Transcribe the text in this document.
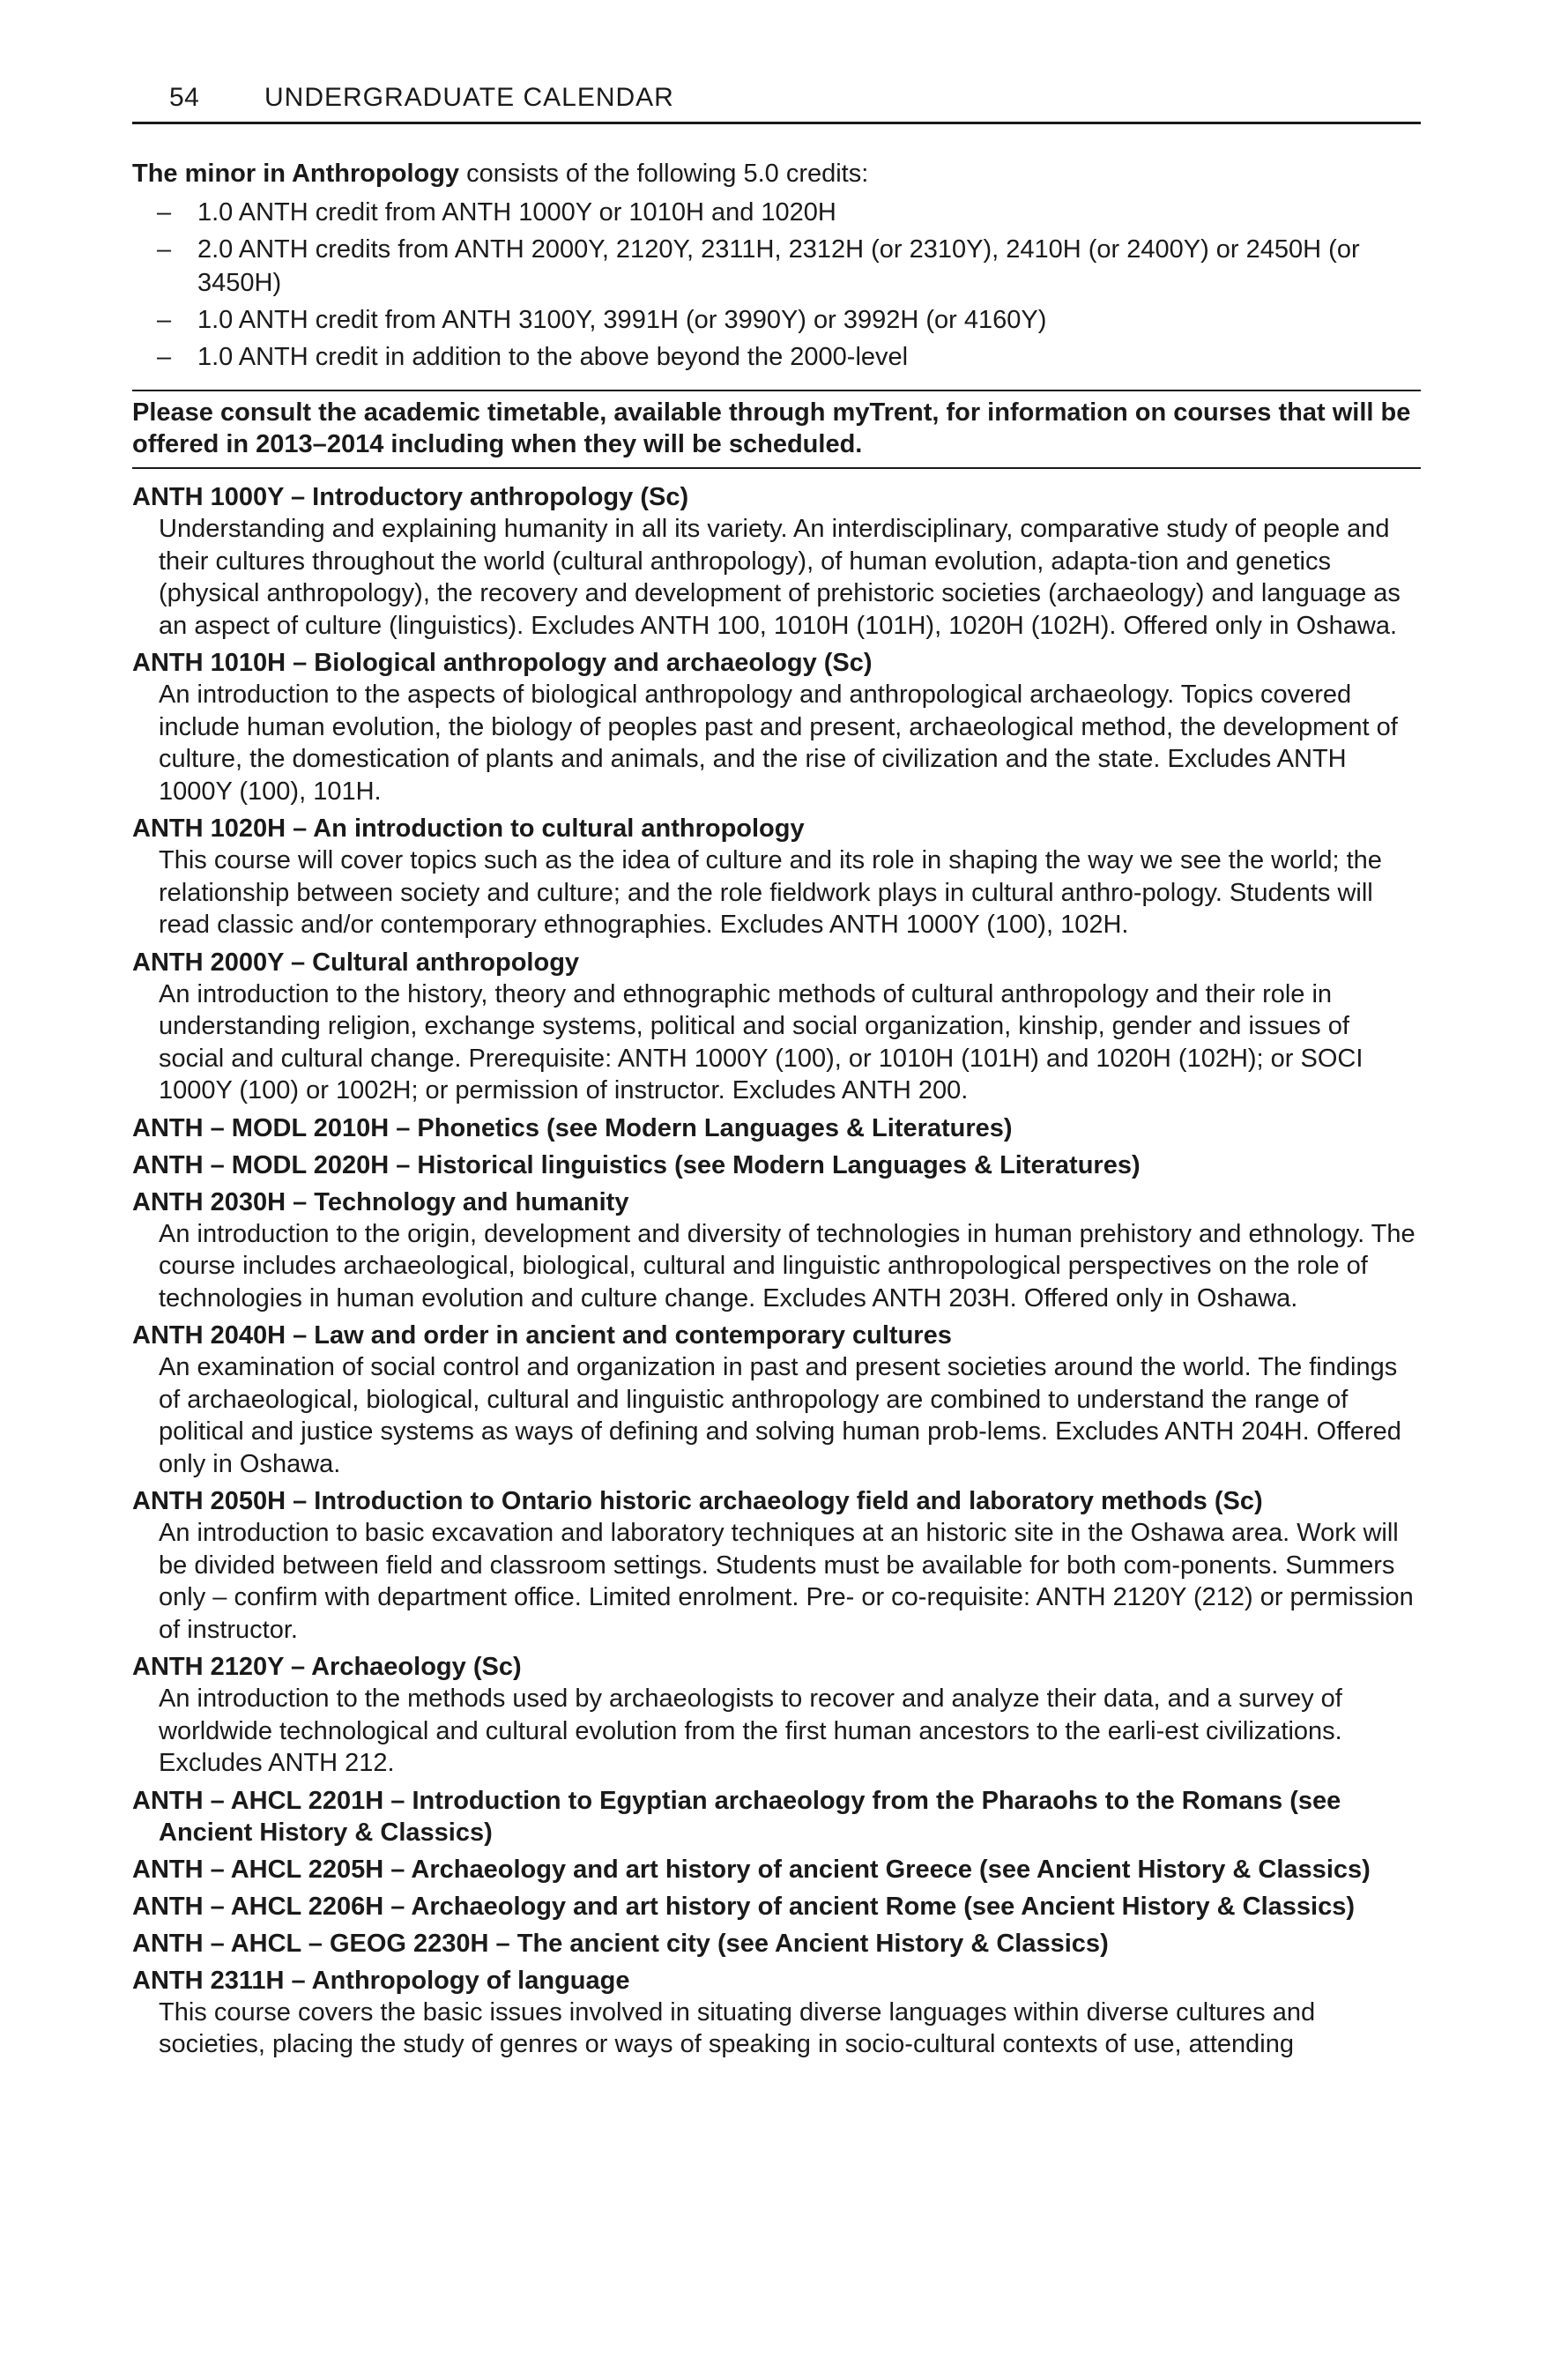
54 UNDERGRADUATE CALENDAR
The minor in Anthropology consists of the following 5.0 credits:
– 1.0 ANTH credit from ANTH 1000Y or 1010H and 1020H
– 2.0 ANTH credits from ANTH 2000Y, 2120Y, 2311H, 2312H (or 2310Y), 2410H (or 2400Y) or 2450H (or 3450H)
– 1.0 ANTH credit from ANTH 3100Y, 3991H (or 3990Y) or 3992H (or 4160Y)
– 1.0 ANTH credit in addition to the above beyond the 2000-level
Please consult the academic timetable, available through myTrent, for information on courses that will be offered in 2013–2014 including when they will be scheduled.
ANTH 1000Y – Introductory anthropology (Sc)
Understanding and explaining humanity in all its variety. An interdisciplinary, comparative study of people and their cultures throughout the world (cultural anthropology), of human evolution, adapta-tion and genetics (physical anthropology), the recovery and development of prehistoric societies (archaeology) and language as an aspect of culture (linguistics). Excludes ANTH 100, 1010H (101H), 1020H (102H). Offered only in Oshawa.
ANTH 1010H – Biological anthropology and archaeology (Sc)
An introduction to the aspects of biological anthropology and anthropological archaeology. Topics covered include human evolution, the biology of peoples past and present, archaeological method, the development of culture, the domestication of plants and animals, and the rise of civilization and the state. Excludes ANTH 1000Y (100), 101H.
ANTH 1020H – An introduction to cultural anthropology
This course will cover topics such as the idea of culture and its role in shaping the way we see the world; the relationship between society and culture; and the role fieldwork plays in cultural anthro-pology. Students will read classic and/or contemporary ethnographies. Excludes ANTH 1000Y (100), 102H.
ANTH 2000Y – Cultural anthropology
An introduction to the history, theory and ethnographic methods of cultural anthropology and their role in understanding religion, exchange systems, political and social organization, kinship, gender and issues of social and cultural change. Prerequisite: ANTH 1000Y (100), or 1010H (101H) and 1020H (102H); or SOCI 1000Y (100) or 1002H; or permission of instructor. Excludes ANTH 200.
ANTH – MODL 2010H – Phonetics (see Modern Languages & Literatures)
ANTH – MODL 2020H – Historical linguistics (see Modern Languages & Literatures)
ANTH 2030H – Technology and humanity
An introduction to the origin, development and diversity of technologies in human prehistory and ethnology. The course includes archaeological, biological, cultural and linguistic anthropological perspectives on the role of technologies in human evolution and culture change. Excludes ANTH 203H. Offered only in Oshawa.
ANTH 2040H – Law and order in ancient and contemporary cultures
An examination of social control and organization in past and present societies around the world. The findings of archaeological, biological, cultural and linguistic anthropology are combined to understand the range of political and justice systems as ways of defining and solving human prob-lems. Excludes ANTH 204H. Offered only in Oshawa.
ANTH 2050H – Introduction to Ontario historic archaeology field and laboratory methods (Sc)
An introduction to basic excavation and laboratory techniques at an historic site in the Oshawa area. Work will be divided between field and classroom settings. Students must be available for both com-ponents. Summers only – confirm with department office. Limited enrolment. Pre- or co-requisite: ANTH 2120Y (212) or permission of instructor.
ANTH 2120Y – Archaeology (Sc)
An introduction to the methods used by archaeologists to recover and analyze their data, and a survey of worldwide technological and cultural evolution from the first human ancestors to the earli-est civilizations. Excludes ANTH 212.
ANTH – AHCL 2201H – Introduction to Egyptian archaeology from the Pharaohs to the Romans (see Ancient History & Classics)
ANTH – AHCL 2205H – Archaeology and art history of ancient Greece (see Ancient History & Classics)
ANTH – AHCL 2206H – Archaeology and art history of ancient Rome (see Ancient History & Classics)
ANTH – AHCL – GEOG 2230H – The ancient city (see Ancient History & Classics)
ANTH 2311H – Anthropology of language
This course covers the basic issues involved in situating diverse languages within diverse cultures and societies, placing the study of genres or ways of speaking in socio-cultural contexts of use, attending
